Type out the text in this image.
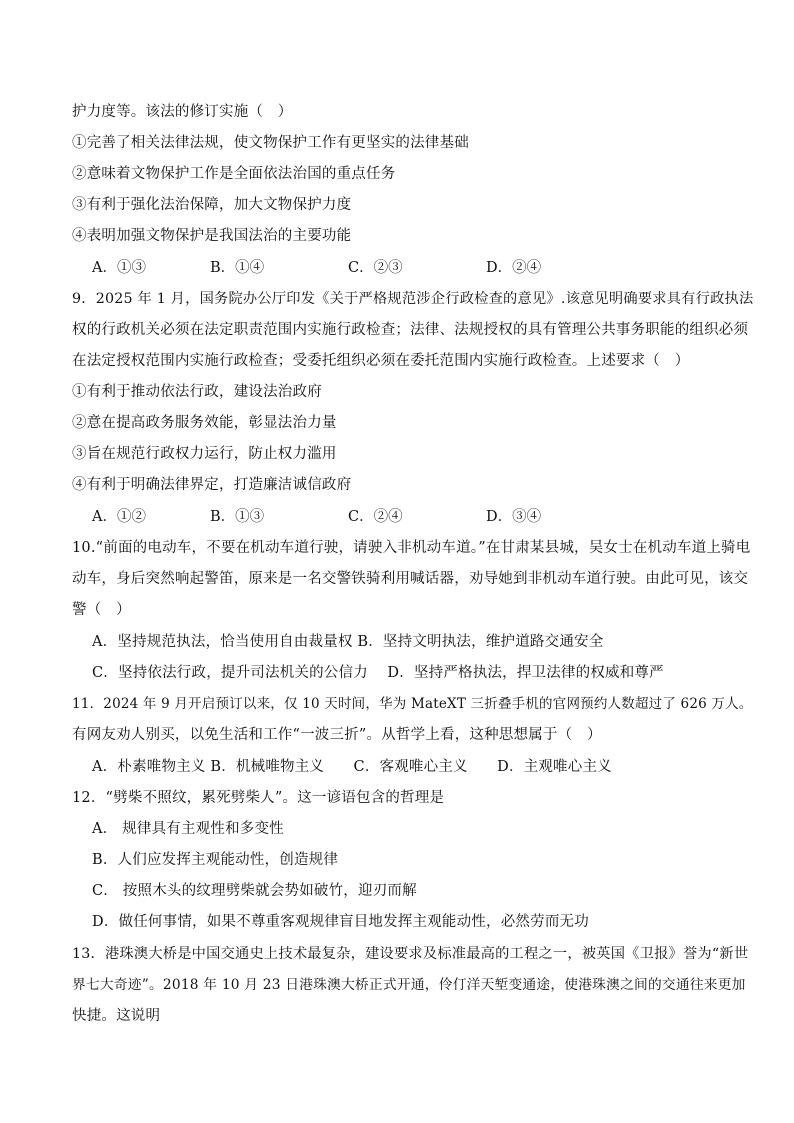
护力度等。该法的修订实施（　）
①完善了相关法律法规，使文物保护工作有更坚实的法律基础
②意味着文物保护工作是全面依法治国的重点任务
③有利于强化法治保障，加大文物保护力度
④表明加强文物保护是我国法治的主要功能
A．①③	B．①④	C．②③	D．②④
9．2025 年 1 月，国务院办公厅印发《关于严格规范涉企行政检查的意见》.该意见明确要求具有行政执法
权的行政机关必须在法定职责范围内实施行政检查；法律、法规授权的具有管理公共事务职能的组织必须
在法定授权范围内实施行政检查；受委托组织必须在委托范围内实施行政检查。上述要求（　）
①有利于推动依法行政，建设法治政府
②意在提高政务服务效能，彰显法治力量
③旨在规范行政权力运行，防止权力滥用
④有利于明确法律界定，打造廉洁诚信政府
A．①②	B．①③	C．②④	D．③④
10.“前面的电动车，不要在机动车道行驶，请驶入非机动车道。”在甘肃某县城，吴女士在机动车道上骑电
动车，身后突然响起警笛，原来是一名交警铁骑利用喊话器，劝导她到非机动车道行驶。由此可见，该交
警（　）
A．坚持规范执法，恰当使用自由裁量权 B．坚持文明执法，维护道路交通安全
C．坚持依法行政，提升司法机关的公信力　 D．坚持严格执法，捍卫法律的权威和尊严
11．2024 年 9 月开启预订以来，仅 10 天时间，华为 MateXT 三折叠手机的官网预约人数超过了 626 万人。
有网友劝人别买，以免生活和工作“一波三折”。从哲学上看，这种思想属于（　）
A．朴素唯物主义 B．机械唯物主义　　C．客观唯心主义　　D．主观唯心主义
12．“劈柴不照纹，累死劈柴人”。这一谚语包含的哲理是
A． 规律具有主观性和多变性
B．人们应发挥主观能动性，创造规律
C． 按照木头的纹理劈柴就会势如破竹，迎刃而解
D．做任何事情，如果不尊重客观规律盲目地发挥主观能动性，必然劳而无功
13．港珠澳大桥是中国交通史上技术最复杂，建设要求及标准最高的工程之一，被英国《卫报》誉为“新世
界七大奇迹”。2018 年 10 月 23 日港珠澳大桥正式开通，伶仃洋天堑变通途，使港珠澳之间的交通往来更加
快捷。这说明
